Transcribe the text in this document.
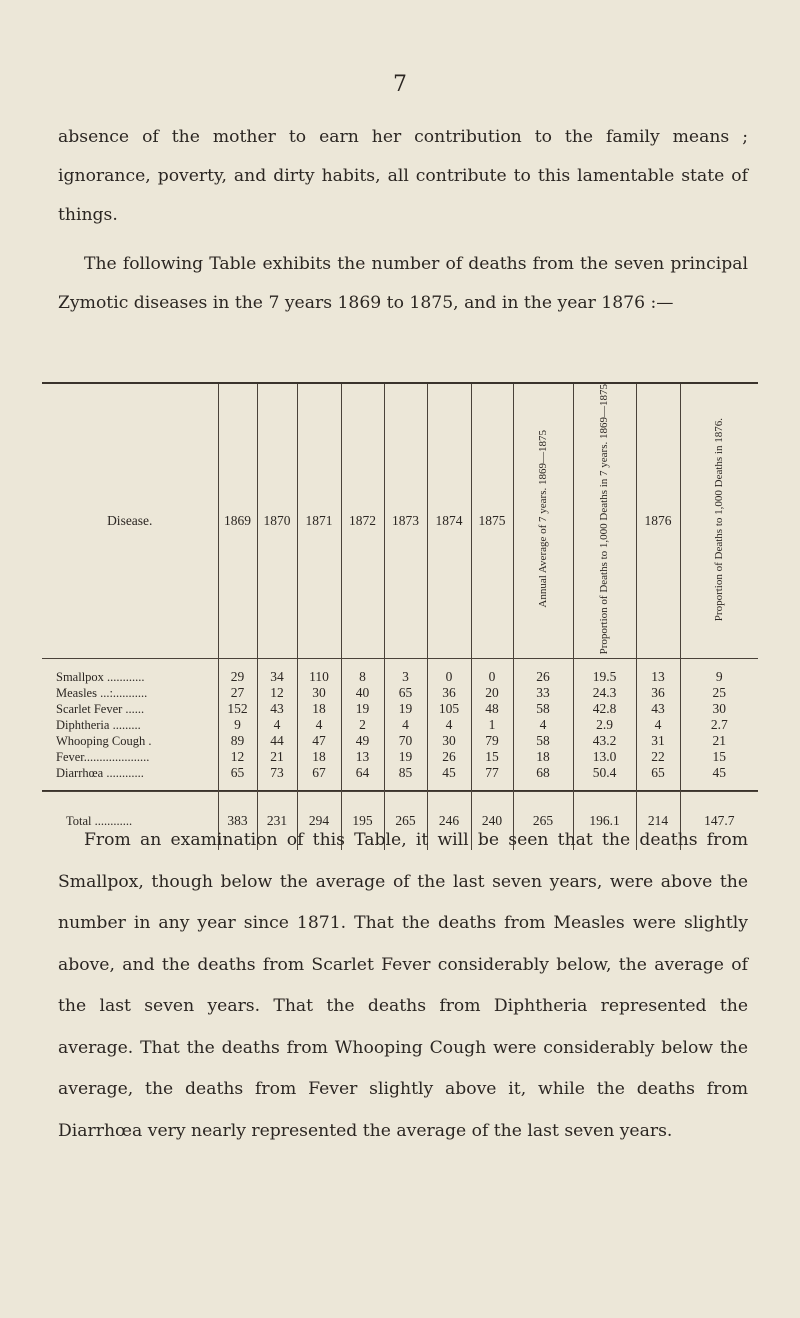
7

absence of the mother to earn her contribution to the family means ; ignorance, poverty, and dirty habits, all contribute to this lamentable state of things.

The following Table exhibits the number of deaths from the seven principal Zymotic diseases in the 7 years 1869 to 1875, and in the year 1876 :—

Disease.	1869	1870	1871	1872	1873	1874	1875	Annual Average of 7 years. 1869—1875	Proportion of Deaths to 1,000 Deaths in 7 years. 1869—1875	1876	Proportion of Deaths to 1,000 Deaths in 1876.

Smallpox ............	29	34	110	8	3	0	0	26	19.5	13	9
Measles ...:...........	27	12	30	40	65	36	20	33	24.3	36	25
Scarlet Fever ......	152	43	18	19	19	105	48	58	42.8	43	30
Diphtheria .........	9	4	4	2	4	4	1	4	2.9	4	2.7
Whooping Cough .	89	44	47	49	70	30	79	58	43.2	31	21
Fever.....................	12	21	18	13	19	26	15	18	13.0	22	15
Diarrhœa ............	65	73	67	64	85	45	77	68	50.4	65	45

Total ............	383	231	294	195	265	246	240	265	196.1	214	147.7

From an examination of this Table, it will be seen that the deaths from Smallpox, though below the average of the last seven years, were above the number in any year since 1871. That the deaths from Measles were slightly above, and the deaths from Scarlet Fever considerably below, the average of the last seven years. That the deaths from Diphtheria represented the average. That the deaths from Whooping Cough were considerably below the average, the deaths from Fever slightly above it, while the deaths from Diarrhœa very nearly represented the average of the last seven years.
